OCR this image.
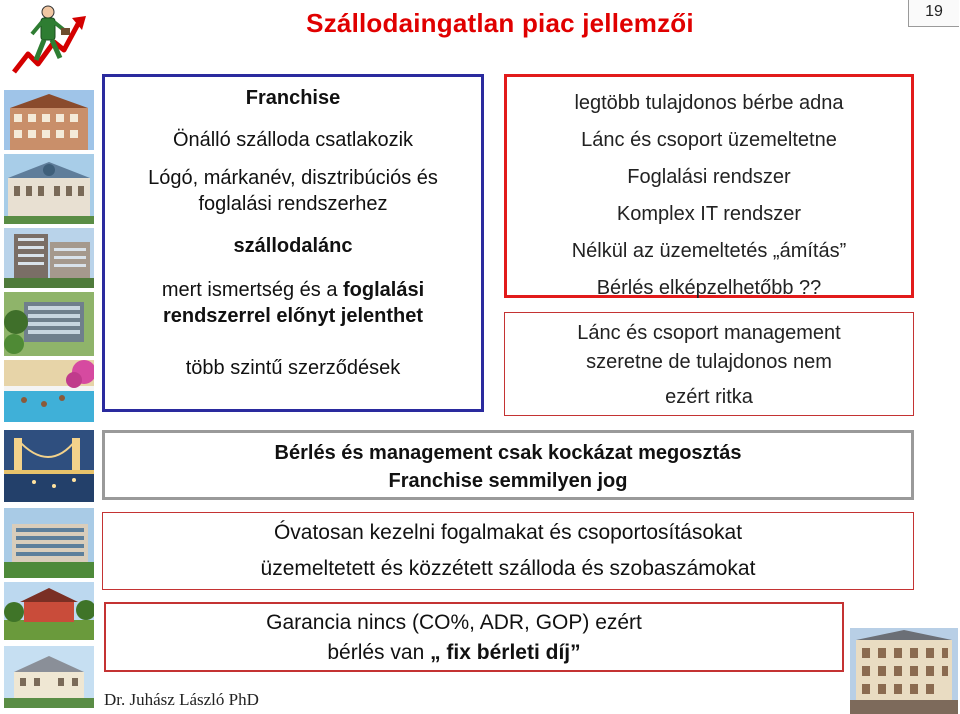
Szállodaingatlan piac jellemzői	19
Franchise
Önálló szálloda csatlakozik
Lógó, márkanév, disztribúciós és
foglalási rendszerhez
szállodalánc
mert ismertség és a foglalási
rendszerrel előnyt jelenthet
több szintű szerződések
legtöbb tulajdonos bérbe adna
Lánc és csoport üzemeltetne
Foglalási rendszer
Komplex IT rendszer
Nélkül az üzemeltetés „ámítás”
Bérlés elképzelhetőbb ??
Lánc és csoport management
szeretne de tulajdonos nem
ezért ritka
Bérlés és management csak kockázat megosztás
Franchise semmilyen jog
Óvatosan kezelni fogalmakat és csoportosításokat
üzemeltetett és közzétett szálloda és szobaszámokat
Garancia nincs (CO%, ADR, GOP) ezért
bérlés van „ fix bérleti díj”
Dr. Juhász László PhD
